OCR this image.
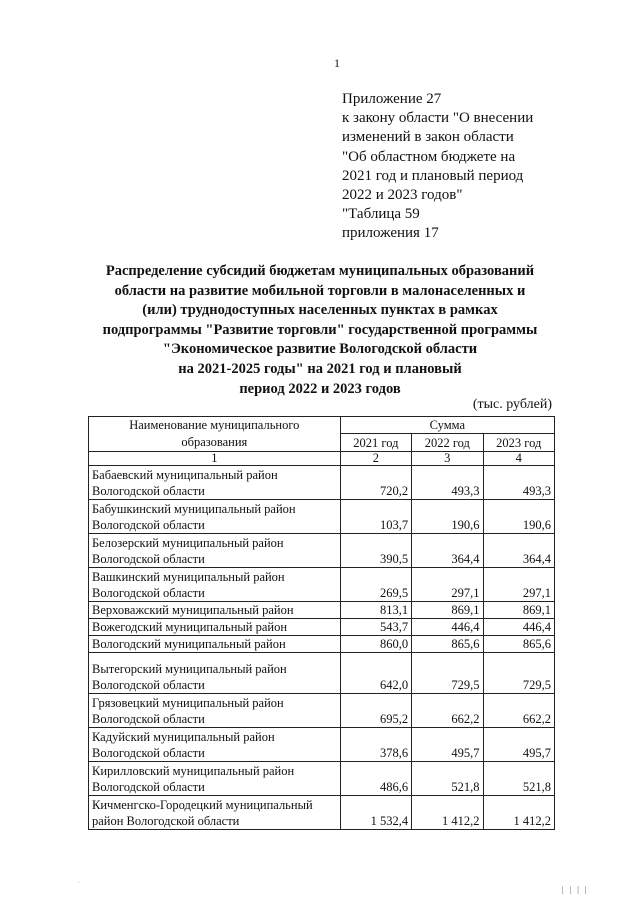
1
Приложение 27
к закону области "О внесении
изменений в закон области
"Об областном бюджете на
2021 год и плановый период
2022 и 2023 годов"
"Таблица 59
приложения 17
Распределение субсидий бюджетам муниципальных образований
области на развитие мобильной торговли в малонаселенных и
(или) труднодоступных населенных пунктах в рамках
подпрограммы "Развитие торговли" государственной программы
"Экономическое развитие Вологодской области
на 2021-2025 годы" на 2021 год и плановый
период 2022 и 2023 годов
(тыс. рублей)
Наименование муниципального
образования	Сумма		
	2021 год	2022 год	2023 год
1	2	3	4
Бабаевский муниципальный район
Вологодской области	720,2	493,3	493,3
Бабушкинский муниципальный район
Вологодской области	103,7	190,6	190,6
Белозерский муниципальный район
Вологодской области	390,5	364,4	364,4
Вашкинский муниципальный район
Вологодской области	269,5	297,1	297,1
Верховажский муниципальный район	813,1	869,1	869,1
Вожегодский муниципальный район	543,7	446,4	446,4
Вологодский муниципальный район	860,0	865,6	865,6
Вытегорский муниципальный район
Вологодской области	642,0	729,5	729,5
Грязовецкий муниципальный район
Вологодской области	695,2	662,2	662,2
Кадуйский муниципальный район
Вологодской области	378,6	495,7	495,7
Кирилловский муниципальный район
Вологодской области	486,6	521,8	521,8
Кичменгско-Городецкий муниципальный
район Вологодской области	1 532,4	1 412,2	1 412,2
·
| | | |
